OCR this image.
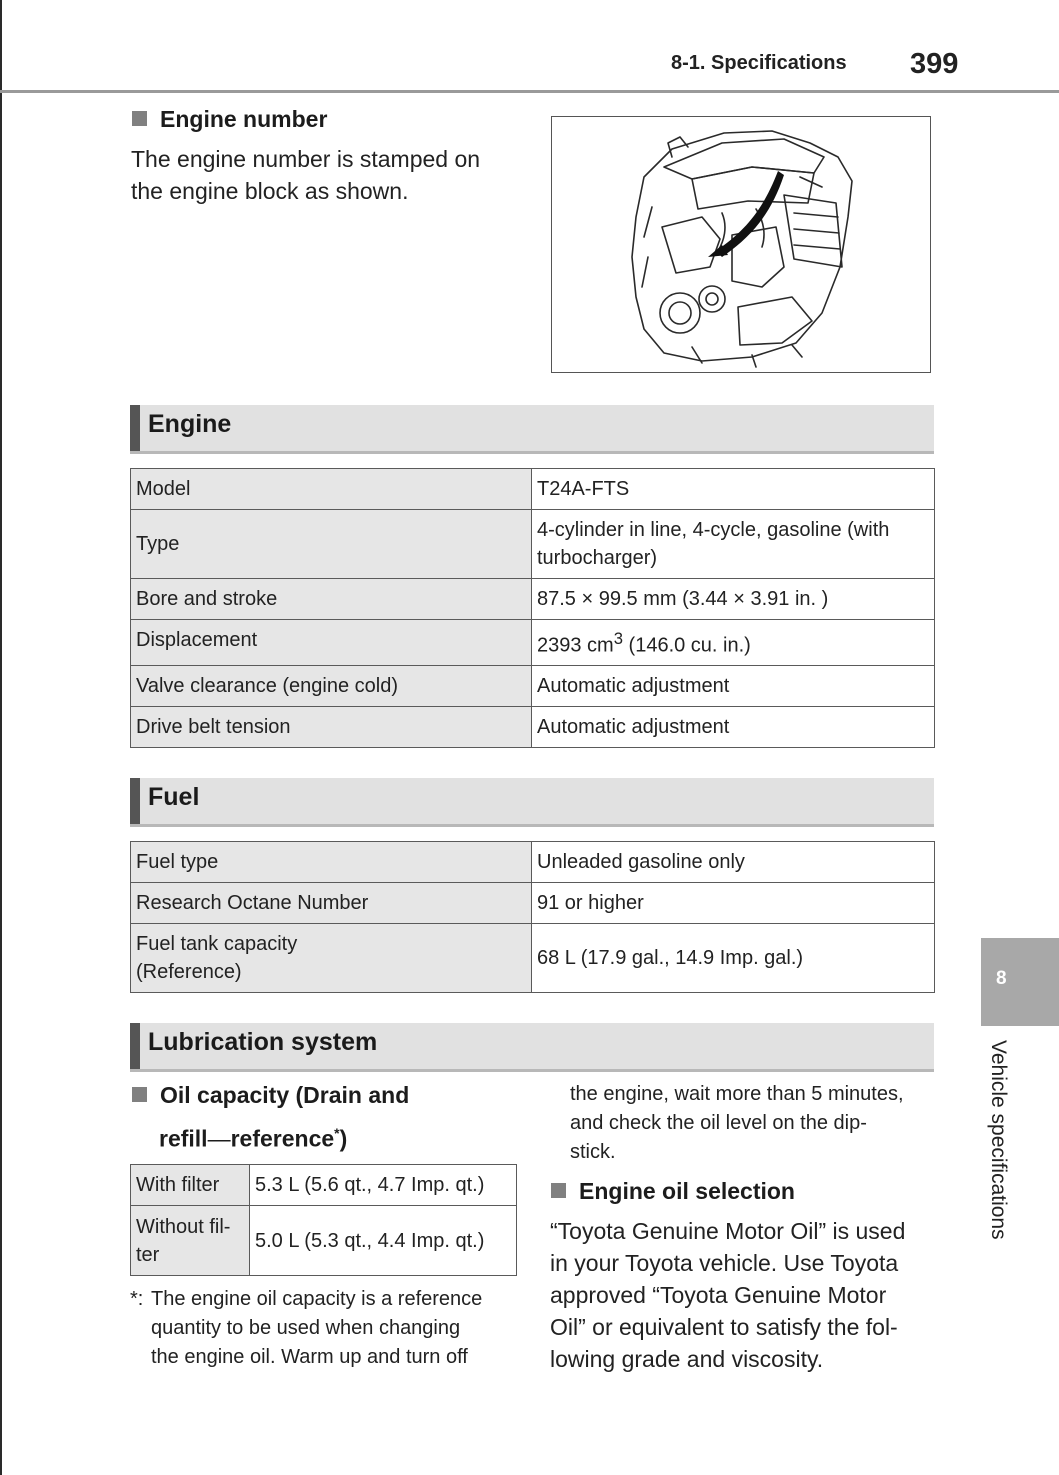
8-1. Specifications 399
Engine number
The engine number is stamped on
the engine block as shown.
Engine
Model	T24A-FTS
Type	4-cylinder in line, 4-cycle, gasoline (with
turbocharger)

Bore and stroke	87.5 × 99.5 mm (3.44 × 3.91 in. )
Displacement	2393 $cm^3$ (146.0 cu. in.)
Valve clearance (engine cold)	Automatic adjustment
Drive belt tension	Automatic adjustment
Fuel
Fuel type	Unleaded gasoline only
Research Octane Number	91 or higher

Fuel tank capacity
(Reference)	68 L (17.9 gal., 14.9 Imp. gal.)
Lubrication system
Oil capacity (Drain and
refill—reference*)
With filter	5.3 L (5.6 qt., 4.7 Imp. qt.)

Without fil-
ter	5.0 L (5.3 qt., 4.4 Imp. qt.)
*: The engine oil capacity is a reference
quantity to be used when changing
the engine oil. Warm up and turn off
the engine, wait more than 5 minutes,
and check the oil level on the dip-
stick.
Engine oil selection
“Toyota Genuine Motor Oil” is used
in your Toyota vehicle. Use Toyota
approved “Toyota Genuine Motor
Oil” or equivalent to satisfy the fol-
lowing grade and viscosity.
8
Vehicle specifications
